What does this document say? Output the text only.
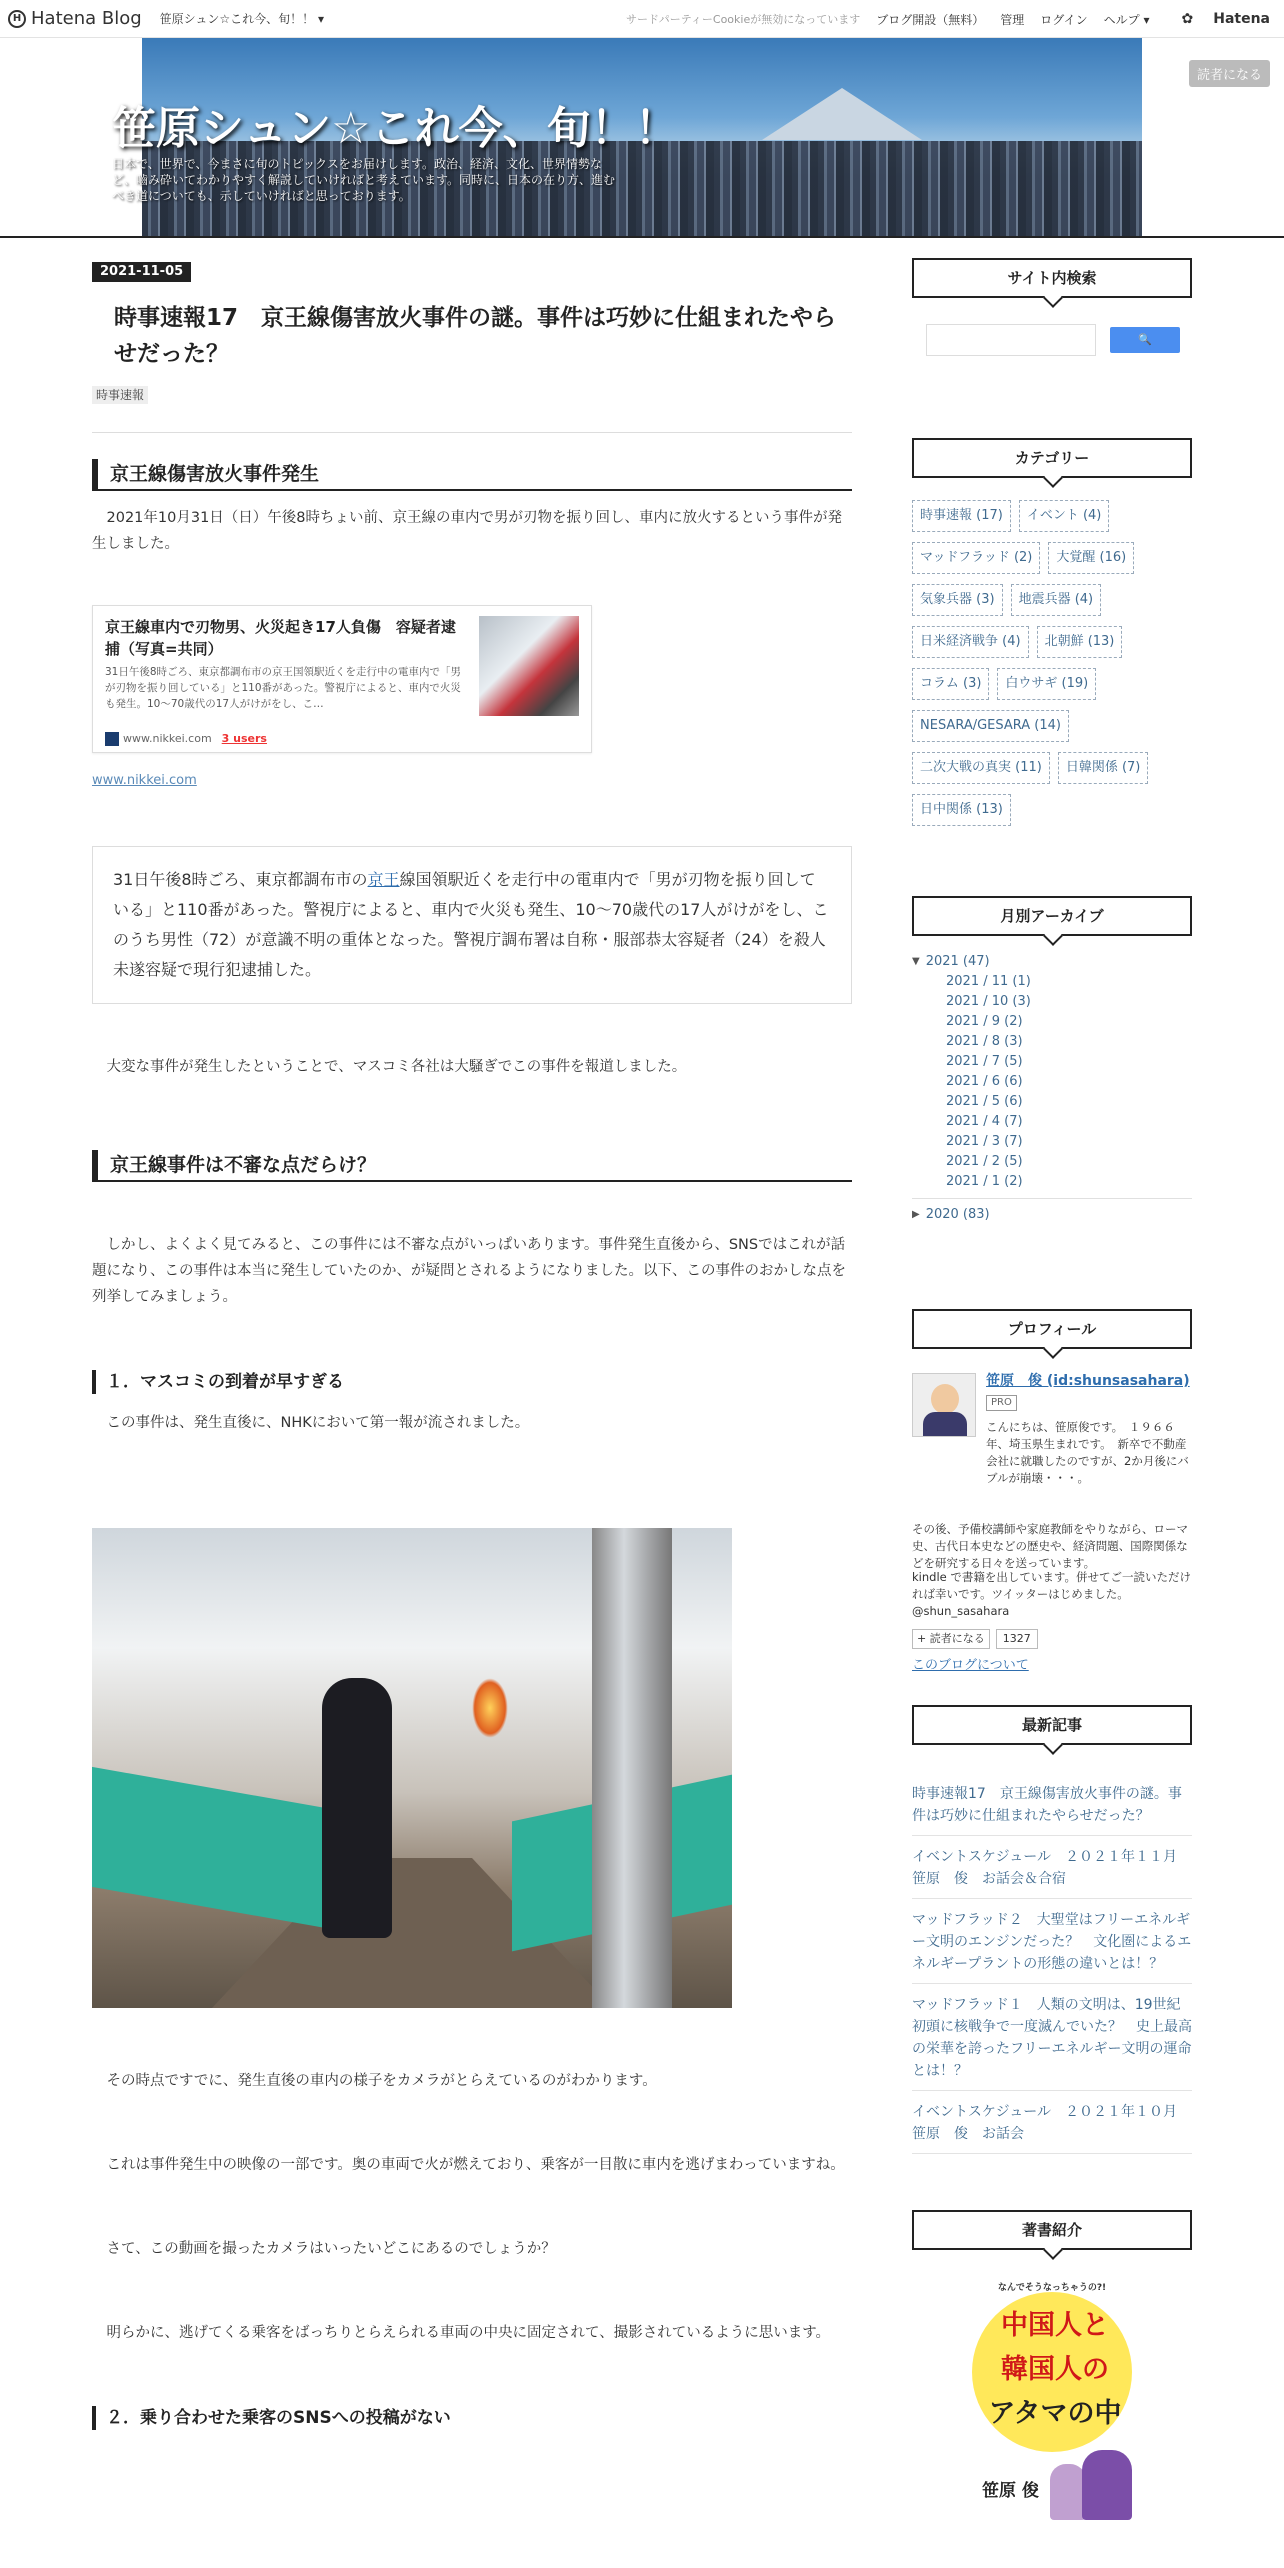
H Hatena Blog 笹原シュン☆これ今、旬！！ ▾	サードパーティーCookieが無効になっています ブログ開設（無料） 管理 ログイン ヘルプ ▾ ✿ Hatena
笹原シュン☆これ今、旬！！
日本で、世界で、今まさに旬のトピックスをお届けします。政治、経済、文化、世界情勢など、嚙み砕いてわかりやすく解説していければと考えています。同時に、日本の在り方、進むべき道についても、示していければと思っております。
読者になる
2021-11-05
時事速報17　京王線傷害放火事件の謎。事件は巧妙に仕組まれたやらせだった？
時事速報
京王線傷害放火事件発生

2021年10月31日（日）午後8時ちょい前、京王線の車内で男が刃物を振り回し、車内に放火するという事件が発生しました。

京王線車内で刃物男、火災起き17人負傷　容疑者逮捕（写真=共同）
31日午後8時ごろ、東京都調布市の京王国領駅近くを走行中の電車内で「男が刃物を振り回している」と110番があった。警視庁によると、車内で火災も発生。10～70歳代の17人がけがをし、こ…
www.nikkei.com 3 users
www.nikkei.com
31日午後8時ごろ、東京都調布市の京王線国領駅近くを走行中の電車内で「男が刃物を振り回している」と110番があった。警視庁によると、車内で火災も発生、10～70歳代の17人がけがをし、このうち男性（72）が意識不明の重体となった。警視庁調布署は自称・服部恭太容疑者（24）を殺人未遂容疑で現行犯逮捕した。

大変な事件が発生したということで、マスコミ各社は大騒ぎでこの事件を報道しました。

京王線事件は不審な点だらけ？

しかし、よくよく見てみると、この事件には不審な点がいっぱいあります。事件発生直後から、SNSではこれが話題になり、この事件は本当に発生していたのか、が疑問とされるようになりました。以下、この事件のおかしな点を列挙してみましょう。

１．マスコミの到着が早すぎる

この事件は、発生直後に、NHKにおいて第一報が流されました。

その時点ですでに、発生直後の車内の様子をカメラがとらえているのがわかります。

これは事件発生中の映像の一部です。奥の車両で火が燃えており、乗客が一目散に車内を逃げまわっていますね。

さて、この動画を撮ったカメラはいったいどこにあるのでしょうか？

明らかに、逃げてくる乗客をばっちりとらえられる車両の中央に固定されて、撮影されているように思います。

２．乗り合わせた乗客のSNSへの投稿がない
サイト内検索
🔍
カテゴリー
時事速報 (17)	イベント (4)
マッドフラッド (2)	大覚醒 (16)
気象兵器 (3)	地震兵器 (4)
日米経済戦争 (4)	北朝鮮 (13)
コラム (3)	白ウサギ (19)
NESARA/GESARA (14)
二次大戦の真実 (11)	日韓関係 (7)
日中関係 (13)
月別アーカイブ
▼ 2021 (47)
2021 / 11 (1)
2021 / 10 (3)
2021 / 9 (2)
2021 / 8 (3)
2021 / 7 (5)
2021 / 6 (6)
2021 / 5 (6)
2021 / 4 (7)
2021 / 3 (7)
2021 / 2 (5)
2021 / 1 (2)
▶ 2020 (83)
プロフィール
笹原　俊 (id:shunsasahara)
PRO
こんにちは、笹原俊です。　１９６６年、埼玉県生まれです。　新卒で不動産会社に就職したのですが、2か月後にバブルが崩壊・・・。
その後、予備校講師や家庭教師をやりながら、ローマ史、古代日本史などの歴史や、経済問題、国際関係などを研究する日々を送っています。
kindle で書籍を出しています。併せてご一読いただければ幸いです。ツイッターはじめました。@shun_sasahara
+ 読者になる	1327
このブログについて
最新記事
時事速報17　京王線傷害放火事件の謎。事件は巧妙に仕組まれたやらせだった？
イベントスケジュール　２０２１年１１月　笹原　俊　お話会＆合宿
マッドフラッド２　大聖堂はフリーエネルギー文明のエンジンだった？　文化圏によるエネルギープラントの形態の違いとは！？
マッドフラッド１　人類の文明は、19世紀初頭に核戦争で一度滅んでいた？　史上最高の栄華を誇ったフリーエネルギー文明の運命とは！？
イベントスケジュール　２０２１年１０月　笹原　俊　お話会
著書紹介
なんでそうなっちゃうの?!
中国人と
韓国人の
アタマの中
笹原 俊
